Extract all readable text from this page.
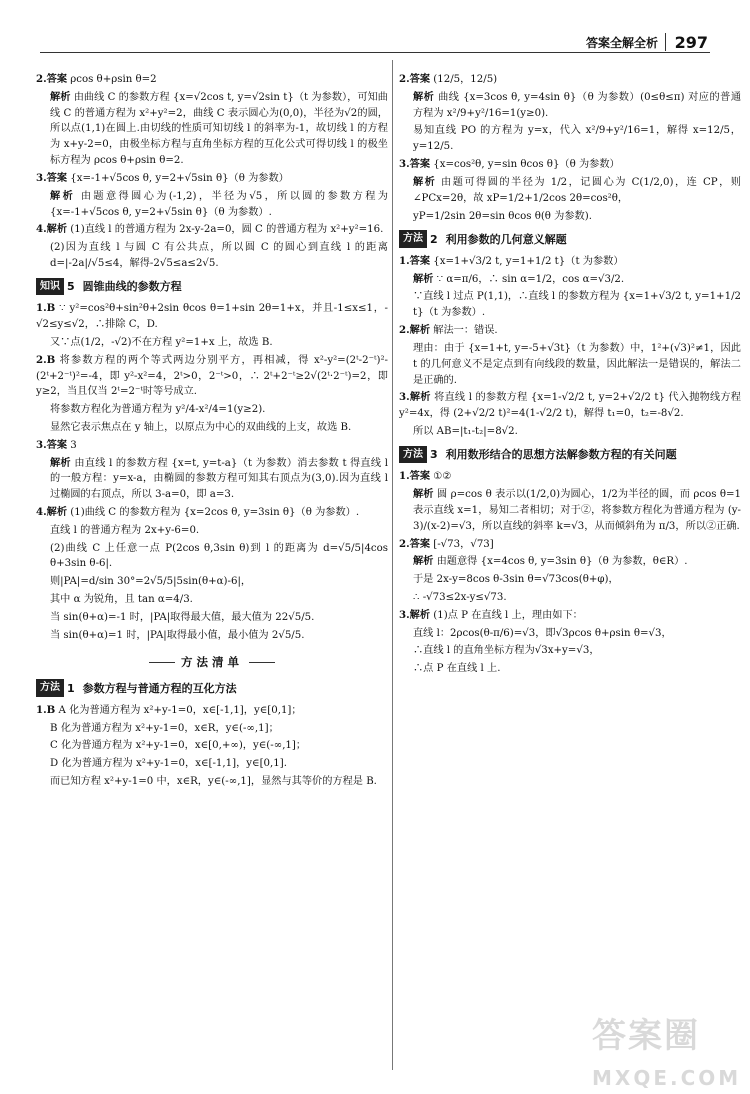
答案全解全析 297

2.答案 ρcos θ+ρsin θ=2

解析 由曲线 C 的参数方程 {x=√2cos t, y=√2sin t}（t 为参数），可知曲线 C 的普通方程为 x²+y²=2，曲线 C 表示圆心为(0,0)，半径为√2的圆，所以点(1,1)在圆上.由切线的性质可知切线 l 的斜率为-1，故切线 l 的方程为 x+y-2=0，由极坐标方程与直角坐标方程的互化公式可得切线 l 的极坐标方程为 ρcos θ+ρsin θ=2.

3.答案 {x=-1+√5cos θ, y=2+√5sin θ}（θ 为参数）

解析 由题意得圆心为(-1,2)，半径为√5，所以圆的参数方程为 {x=-1+√5cos θ, y=2+√5sin θ}（θ 为参数）.

4.解析 (1)直线 l 的普通方程为 2x-y-2a=0，圆 C 的普通方程为 x²+y²=16.

(2)因为直线 l 与圆 C 有公共点，所以圆 C 的圆心到直线 l 的距离 d=|-2a|/√5≤4，解得-2√5≤a≤2√5.

知识 5 圆锥曲线的参数方程

1.B ∵ y²=cos²θ+sin²θ+2sin θcos θ=1+sin 2θ=1+x，并且-1≤x≤1，-√2≤y≤√2，∴排除 C，D.

又∵点(1/2，-√2)不在方程 y²=1+x 上，故选 B.

2.B 将参数方程的两个等式两边分别平方，再相减，得 x²-y²=(2ᵗ-2⁻ᵗ)²-(2ᵗ+2⁻ᵗ)²=-4，即 y²-x²=4，2ᵗ>0，2⁻ᵗ>0，∴ 2ᵗ+2⁻ᵗ≥2√(2ᵗ·2⁻ᵗ)=2，即 y≥2，当且仅当 2ᵗ=2⁻ᵗ时等号成立.

将参数方程化为普通方程为 y²/4-x²/4=1(y≥2).

显然它表示焦点在 y 轴上，以原点为中心的双曲线的上支，故选 B.

3.答案 3

解析 由直线 l 的参数方程 {x=t, y=t-a}（t 为参数）消去参数 t 得直线 l 的一般方程：y=x-a，由椭圆的参数方程可知其右顶点为(3,0).因为直线 l 过椭圆的右顶点，所以 3-a=0，即 a=3.

4.解析 (1)曲线 C 的参数方程为 {x=2cos θ, y=3sin θ}（θ 为参数）.

直线 l 的普通方程为 2x+y-6=0.

(2)曲线 C 上任意一点 P(2cos θ,3sin θ)到 l 的距离为 d=√5/5|4cos θ+3sin θ-6|.

则|PA|=d/sin 30°=2√5/5|5sin(θ+α)-6|，

其中 α 为锐角，且 tan α=4/3.

当 sin(θ+α)=-1 时，|PA|取得最大值，最大值为 22√5/5.

当 sin(θ+α)=1 时，|PA|取得最小值，最小值为 2√5/5.

方法清单
方法 1 参数方程与普通方程的互化方法

1.B A 化为普通方程为 x²+y-1=0，x∈[-1,1]，y∈[0,1]；

B 化为普通方程为 x²+y-1=0，x∈R，y∈(-∞,1]；

C 化为普通方程为 x²+y-1=0，x∈[0,+∞)，y∈(-∞,1]；

D 化为普通方程为 x²+y-1=0，x∈[-1,1]，y∈[0,1].

而已知方程 x²+y-1=0 中，x∈R，y∈(-∞,1]，显然与其等价的方程是 B.

2.答案 (12/5，12/5)

解析 曲线 {x=3cos θ, y=4sin θ}（θ 为参数）(0≤θ≤π) 对应的普通方程为 x²/9+y²/16=1(y≥0).

易知直线 PO 的方程为 y=x，代入 x²/9+y²/16=1，解得 x=12/5，y=12/5.

3.答案 {x=cos²θ, y=sin θcos θ}（θ 为参数）

解析 由题可得圆的半径为 1/2，记圆心为 C(1/2,0)，连 CP，则∠PCx=2θ，故 xP=1/2+1/2cos 2θ=cos²θ，

yP=1/2sin 2θ=sin θcos θ(θ 为参数).

方法 2 利用参数的几何意义解题

1.答案 {x=1+√3/2 t, y=1+1/2 t}（t 为参数）

解析 ∵ α=π/6，∴ sin α=1/2，cos α=√3/2.

∵直线 l 过点 P(1,1)，∴直线 l 的参数方程为 {x=1+√3/2 t, y=1+1/2 t}（t 为参数）.

2.解析 解法一：错误.

理由：由于 {x=1+t, y=-5+√3t}（t 为参数）中，1²+(√3)²≠1，因此 t 的几何意义不是定点到有向线段的数量，因此解法一是错误的，解法二是正确的.

3.解析 将直线 l 的参数方程 {x=1-√2/2 t, y=2+√2/2 t} 代入抛物线方程 y²=4x，得 (2+√2/2 t)²=4(1-√2/2 t)，解得 t₁=0，t₂=-8√2.

所以 AB=|t₁-t₂|=8√2.

方法 3 利用数形结合的思想方法解参数方程的有关问题

1.答案 ①②

解析 圆 ρ=cos θ 表示以(1/2,0)为圆心，1/2为半径的圆，而 ρcos θ=1 表示直线 x=1，易知二者相切；对于②，将参数方程化为普通方程为 (y-3)/(x-2)=√3，所以直线的斜率 k=√3，从而倾斜角为 π/3，所以②正确.

2.答案 [-√73，√73]

解析 由题意得 {x=4cos θ, y=3sin θ}（θ 为参数，θ∈R）.

于是 2x-y=8cos θ-3sin θ=√73cos(θ+φ)，

∴ -√73≤2x-y≤√73.

3.解析 (1)点 P 在直线 l 上，理由如下：

直线 l：2ρcos(θ-π/6)=√3，即√3ρcos θ+ρsin θ=√3，

∴直线 l 的直角坐标方程为√3x+y=√3，

∴点 P 在直线 l 上.

答案圈
MXQE.COM
